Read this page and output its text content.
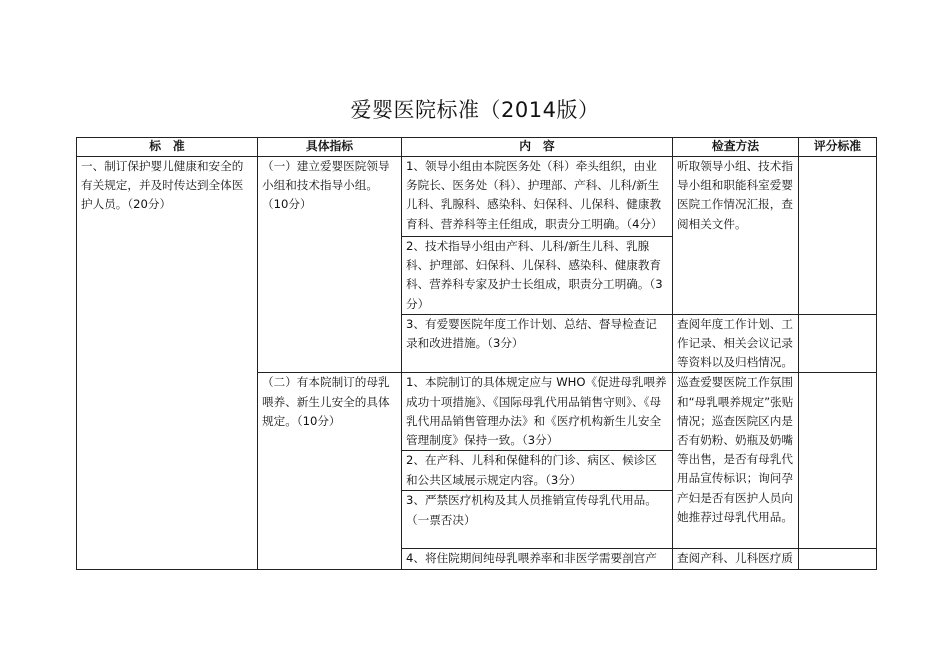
爱婴医院标准（2014版）
标　准	具体指标	内　容	检查方法	评分标准
一、制订保护婴儿健康和安全的有关规定，并及时传达到全体医护人员。（20分）	（一）建立爱婴医院领导小组和技术指导小组。（10分）	1、领导小组由本院医务处（科）牵头组织，由业务院长、医务处（科）、护理部、产科、儿科/新生儿科、乳腺科、感染科、妇保科、儿保科、健康教育科、营养科等主任组成，职责分工明确。（4分）	听取领导小组、技术指导小组和职能科室爱婴医院工作情况汇报，查阅相关文件。	
		2、技术指导小组由产科、儿科/新生儿科、乳腺科、护理部、妇保科、儿保科、感染科、健康教育科、营养科专家及护士长组成，职责分工明确。（3分）		
		3、有爱婴医院年度工作计划、总结、督导检查记录和改进措施。（3分）	查阅年度工作计划、工作记录、相关会议记录等资料以及归档情况。	
	（二）有本院制订的母乳喂养、新生儿安全的具体规定。（10分）	1、本院制订的具体规定应与 WHO《促进母乳喂养成功十项措施》、《国际母乳代用品销售守则》、《母乳代用品销售管理办法》和《医疗机构新生儿安全管理制度》保持一致。（3分）	巡查爱婴医院工作氛围和“母乳喂养规定”张贴情况；巡查医院区内是否有奶粉、奶瓶及奶嘴等出售，是否有母乳代用品宣传标识；询问孕产妇是否有医护人员向她推荐过母乳代用品。	
		2、在产科、儿科和保健科的门诊、病区、候诊区和公共区域展示规定内容。（3分）		
		3、严禁医疗机构及其人员推销宣传母乳代用品。（一票否决）		
		4、将住院期间纯母乳喂养率和非医学需要剖宫产	查阅产科、儿科医疗质	
